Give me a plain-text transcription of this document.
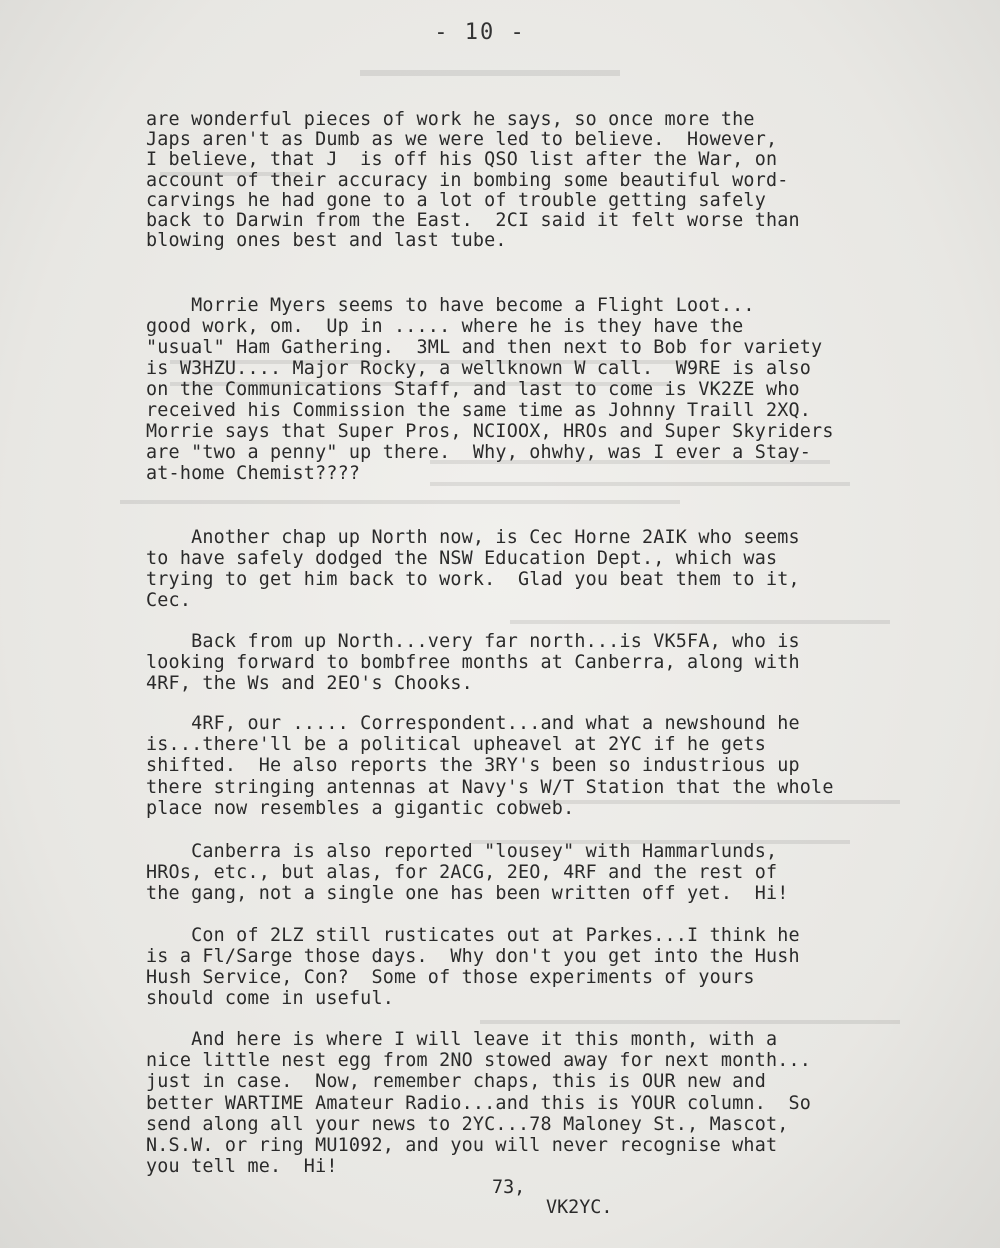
- 10 -
are wonderful pieces of work he says, so once more the
Japs aren't as Dumb as we were led to believe.  However,
I believe, that J  is off his QSO list after the War, on
account of their accuracy in bombing some beautiful word-
carvings he had gone to a lot of trouble getting safely
back to Darwin from the East.  2CI said it felt worse than
blowing ones best and last tube.
Morrie Myers seems to have become a Flight Loot...
good work, om.  Up in ..... where he is they have the
"usual" Ham Gathering.  3ML and then next to Bob for variety
is W3HZU.... Major Rocky, a wellknown W call.  W9RE is also
on the Communications Staff, and last to come is VK2ZE who
received his Commission the same time as Johnny Traill 2XQ.
Morrie says that Super Pros, NCIOOX, HROs and Super Skyriders
are "two a penny" up there.  Why, ohwhy, was I ever a Stay-
at-home Chemist????
Another chap up North now, is Cec Horne 2AIK who seems
to have safely dodged the NSW Education Dept., which was
trying to get him back to work.  Glad you beat them to it,
Cec.
Back from up North...very far north...is VK5FA, who is
looking forward to bombfree months at Canberra, along with
4RF, the Ws and 2EO's Chooks.
4RF, our ..... Correspondent...and what a newshound he
is...there'll be a political upheavel at 2YC if he gets
shifted.  He also reports the 3RY's been so industrious up
there stringing antennas at Navy's W/T Station that the whole
place now resembles a gigantic cobweb.
Canberra is also reported "lousey" with Hammarlunds,
HROs, etc., but alas, for 2ACG, 2EO, 4RF and the rest of
the gang, not a single one has been written off yet.  Hi!
Con of 2LZ still rusticates out at Parkes...I think he
is a Fl/Sarge those days.  Why don't you get into the Hush
Hush Service, Con?  Some of those experiments of yours
should come in useful.
And here is where I will leave it this month, with a
nice little nest egg from 2NO stowed away for next month...
just in case.  Now, remember chaps, this is OUR new and
better WARTIME Amateur Radio...and this is YOUR column.  So
send along all your news to 2YC...78 Maloney St., Mascot,
N.S.W. or ring MU1092, and you will never recognise what
you tell me.  Hi!
73,
VK2YC.
